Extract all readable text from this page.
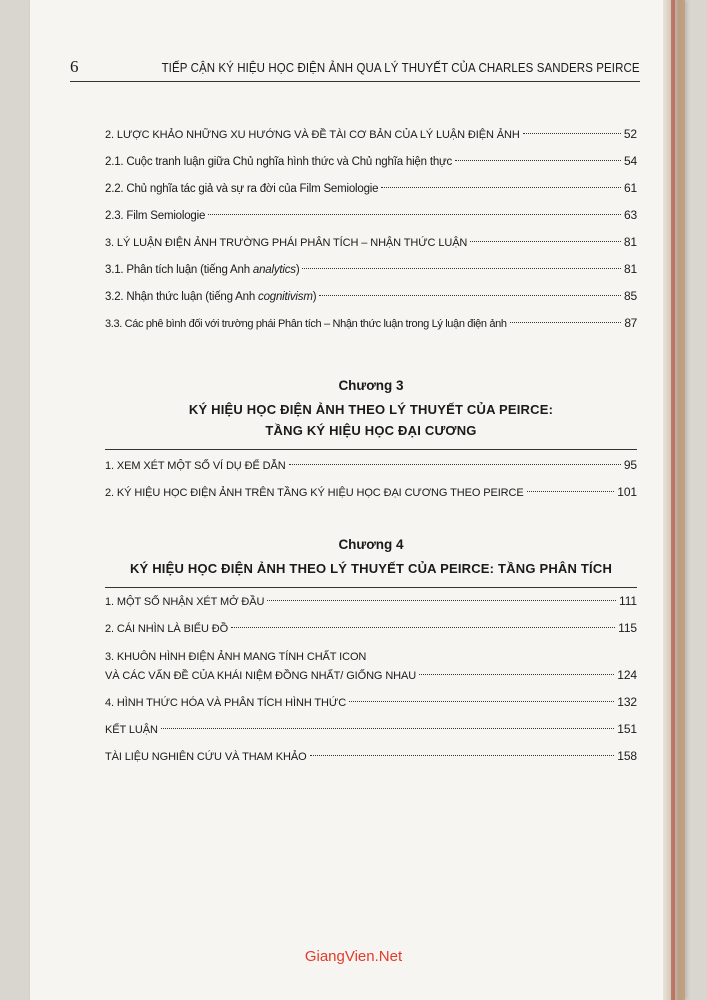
6	TIẾP CẬN KÝ HIỆU HỌC ĐIỆN ẢNH QUA LÝ THUYẾT CỦA CHARLES SANDERS PEIRCE
2. LƯỢC KHẢO NHỮNG XU HƯỚNG VÀ ĐỀ TÀI CƠ BẢN CỦA LÝ LUẬN ĐIỆN ẢNH	52
2.1. Cuộc tranh luận giữa Chủ nghĩa hình thức và Chủ nghĩa hiện thực	54
2.2. Chủ nghĩa tác giả và sự ra đời của Film Semiologie	61
2.3. Film Semiologie	63
3. LÝ LUẬN ĐIỆN ẢNH TRƯỜNG PHÁI PHÂN TÍCH – NHẬN THỨC LUẬN	81
3.1. Phân tích luận (tiếng Anh analytics)	81
3.2. Nhận thức luận (tiếng Anh cognitivism)	85
3.3. Các phê bình đối với trường phái Phân tích – Nhận thức luận trong Lý luận điện ảnh	87
Chương 3
KÝ HIỆU HỌC ĐIỆN ẢNH THEO LÝ THUYẾT CỦA PEIRCE:
TẦNG KÝ HIỆU HỌC ĐẠI CƯƠNG
1. XEM XÉT MỘT SỐ VÍ DỤ ĐỂ DẪN	95
2. KÝ HIỆU HỌC ĐIỆN ẢNH TRÊN TẦNG KÝ HIỆU HỌC ĐẠI CƯƠNG THEO PEIRCE	101
Chương 4
KÝ HIỆU HỌC ĐIỆN ẢNH THEO LÝ THUYẾT CỦA PEIRCE: TẦNG PHÂN TÍCH
1. MỘT SỐ NHẬN XÉT MỞ ĐẦU	111
2. CÁI NHÌN LÀ BIỂU ĐỒ	115
3. KHUÔN HÌNH ĐIỆN ẢNH MANG TÍNH CHẤT ICON
VÀ CÁC VẤN ĐỀ CỦA KHÁI NIỆM ĐỒNG NHẤT/ GIỐNG NHAU	124
4. HÌNH THỨC HÓA VÀ PHÂN TÍCH HÌNH THỨC	132
KẾT LUẬN	151
TÀI LIỆU NGHIÊN CỨU VÀ THAM KHẢO	158
GiangVien.Net
